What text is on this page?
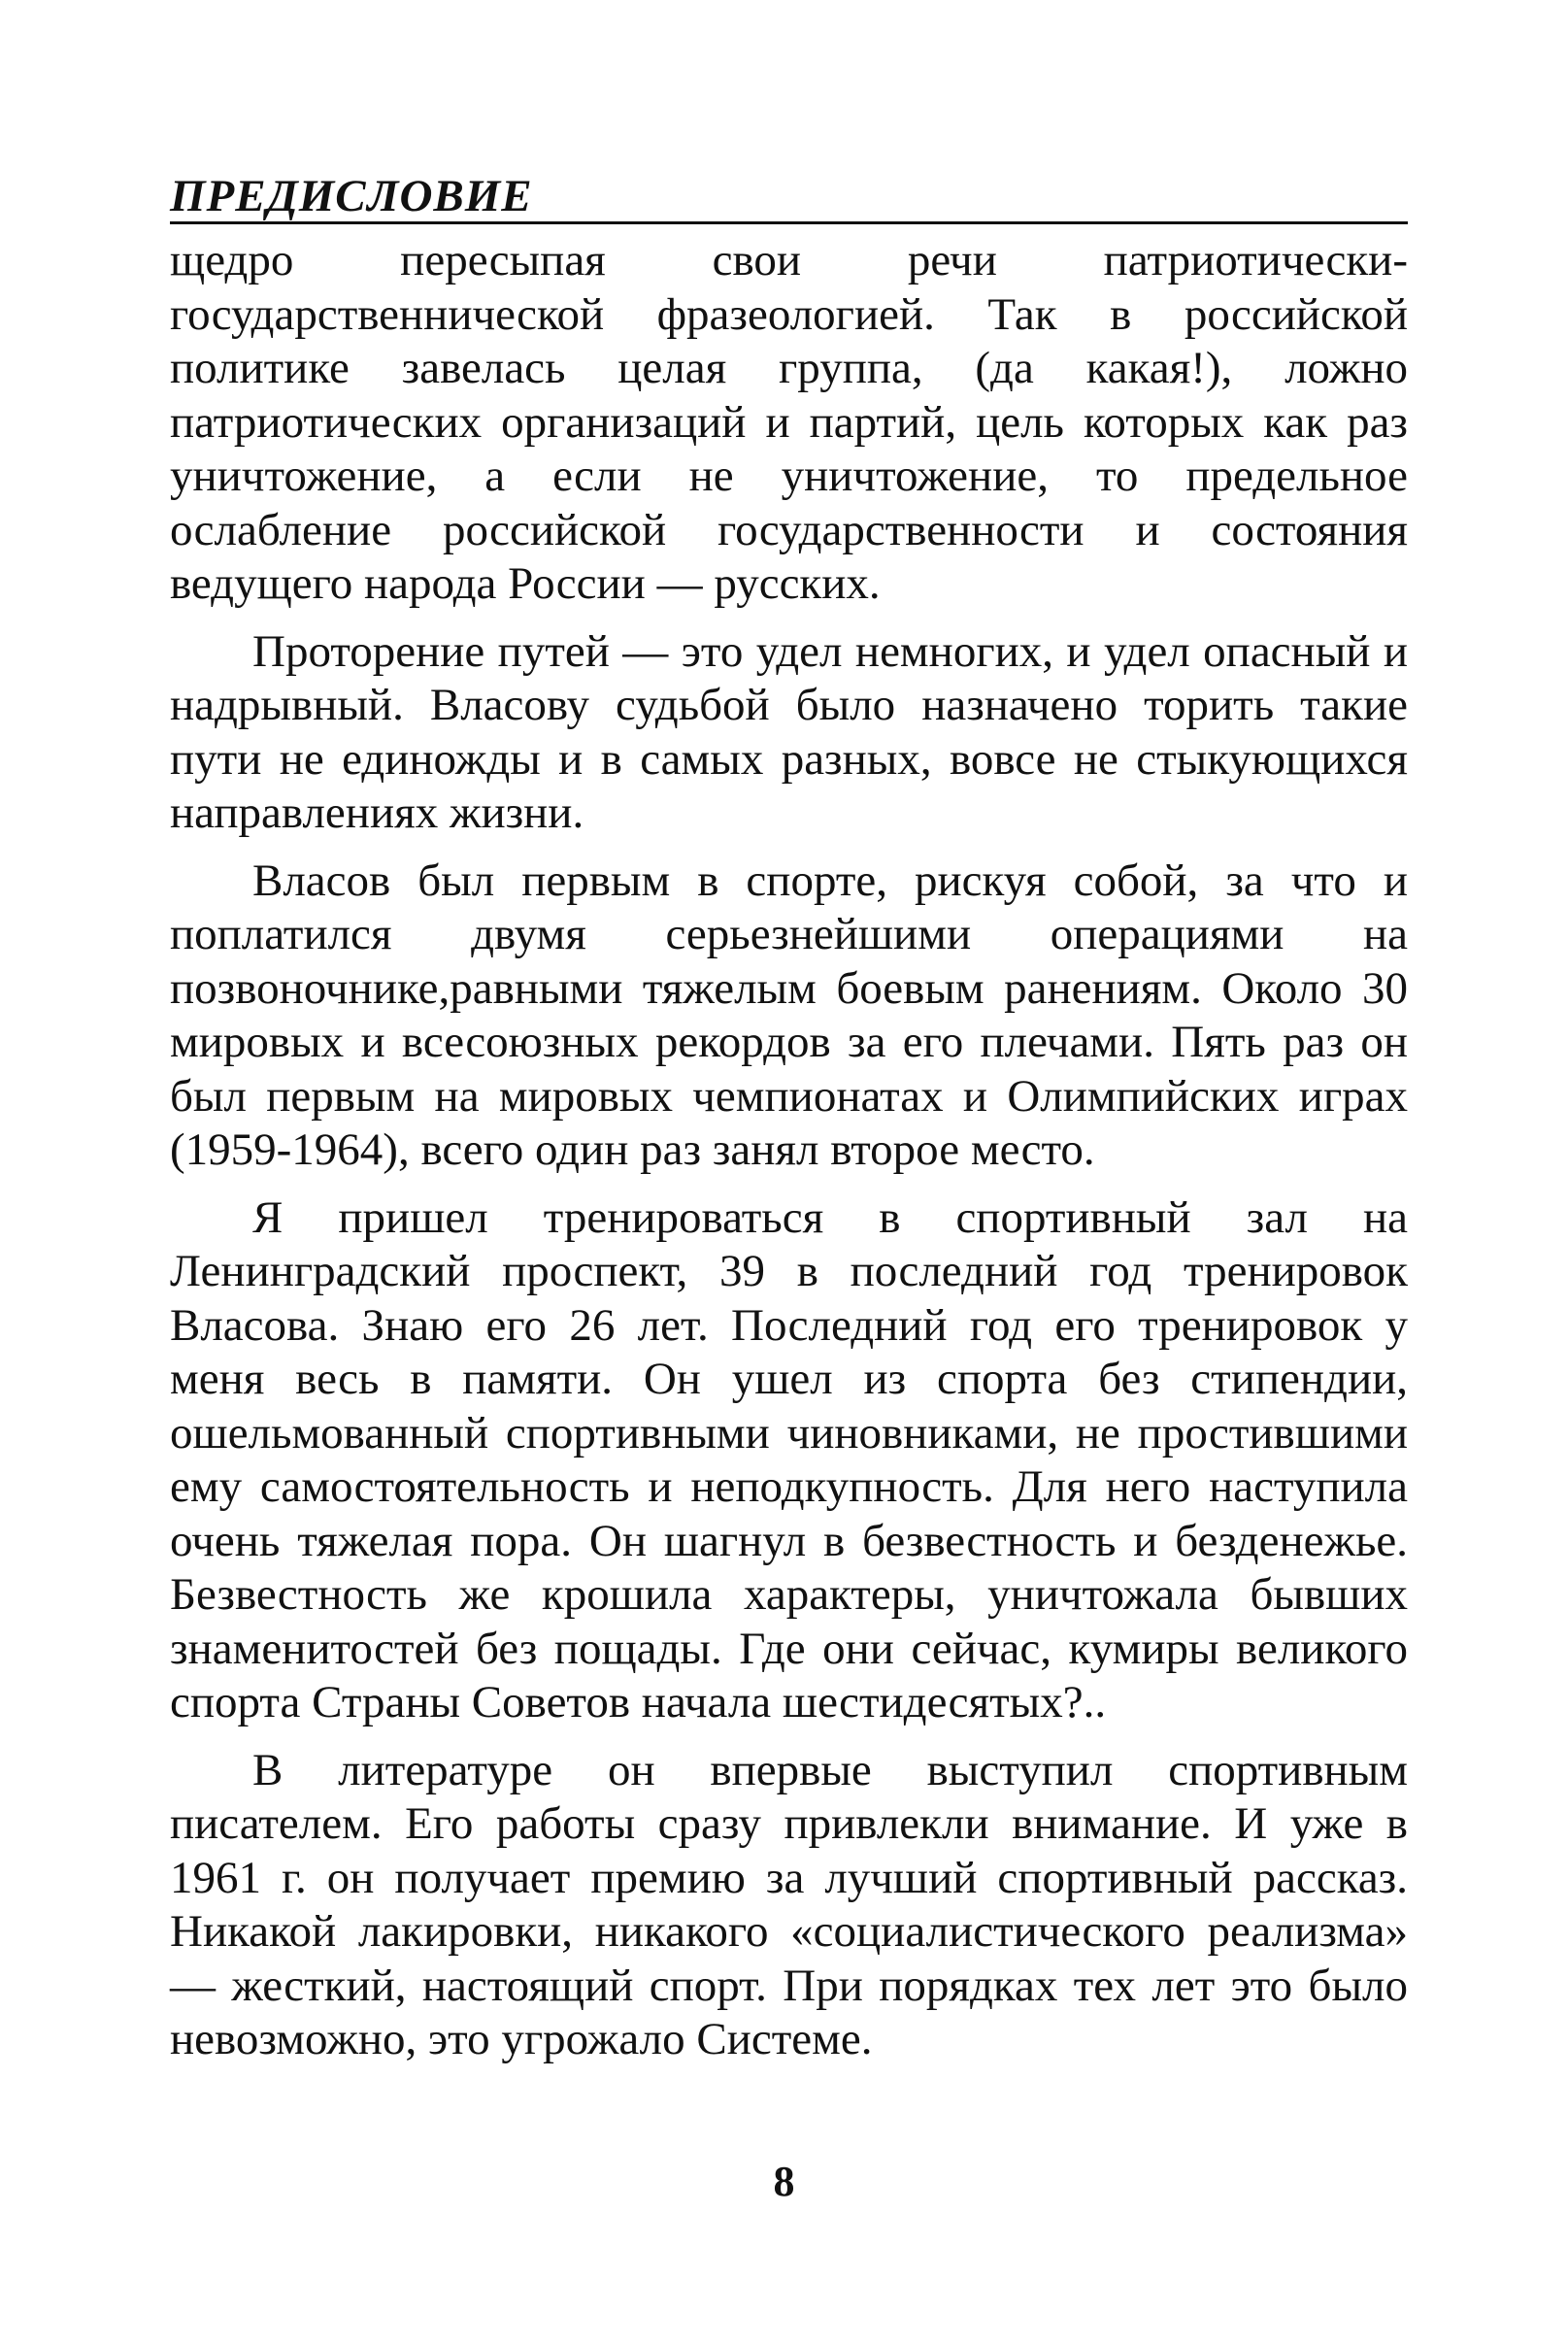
ПРЕДИСЛОВИЕ

щедро пересыпая свои речи патриотически-государственнической фразеологией. Так в российской политике завелась целая группа, (да какая!), ложно патриотических организаций и партий, цель которых как раз уничтожение, а если не уничтожение, то предельное ослабление российской государственности и состояния ведущего народа России — русских.

Проторение путей — это удел немногих, и удел опасный и надрывный. Власову судьбой было назначено торить такие пути не единожды и в самых разных, вовсе не стыкующихся направлениях жизни.

Власов был первым в спорте, рискуя собой, за что и поплатился двумя серьезнейшими операциями на позвоночнике,равными тяжелым боевым ранениям. Около 30 мировых и всесоюзных рекордов за его плечами. Пять раз он был первым на мировых чемпионатах и Олимпийских играх (1959-1964), всего один раз занял второе место.

Я пришел тренироваться в спортивный зал на Ленинградский проспект, 39 в последний год тренировок Власова. Знаю его 26 лет. Последний год его тренировок у меня весь в памяти. Он ушел из спорта без стипендии, ошельмованный спортивными чиновниками, не простившими ему самостоятельность и неподкупность. Для него наступила очень тяжелая пора. Он шагнул в безвестность и безденежье. Безвестность же крошила характеры, уничтожала бывших знаменитостей без пощады. Где они сейчас, кумиры великого спорта Страны Советов начала шестидесятых?..

В литературе он впервые выступил спортивным писателем. Его работы сразу привлекли внимание. И уже в 1961 г. он получает премию за лучший спортивный рассказ. Никакой лакировки, никакого «социалистического реализма» — жесткий, настоящий спорт. При порядках тех лет это было невозможно, это угрожало Системе.

8
